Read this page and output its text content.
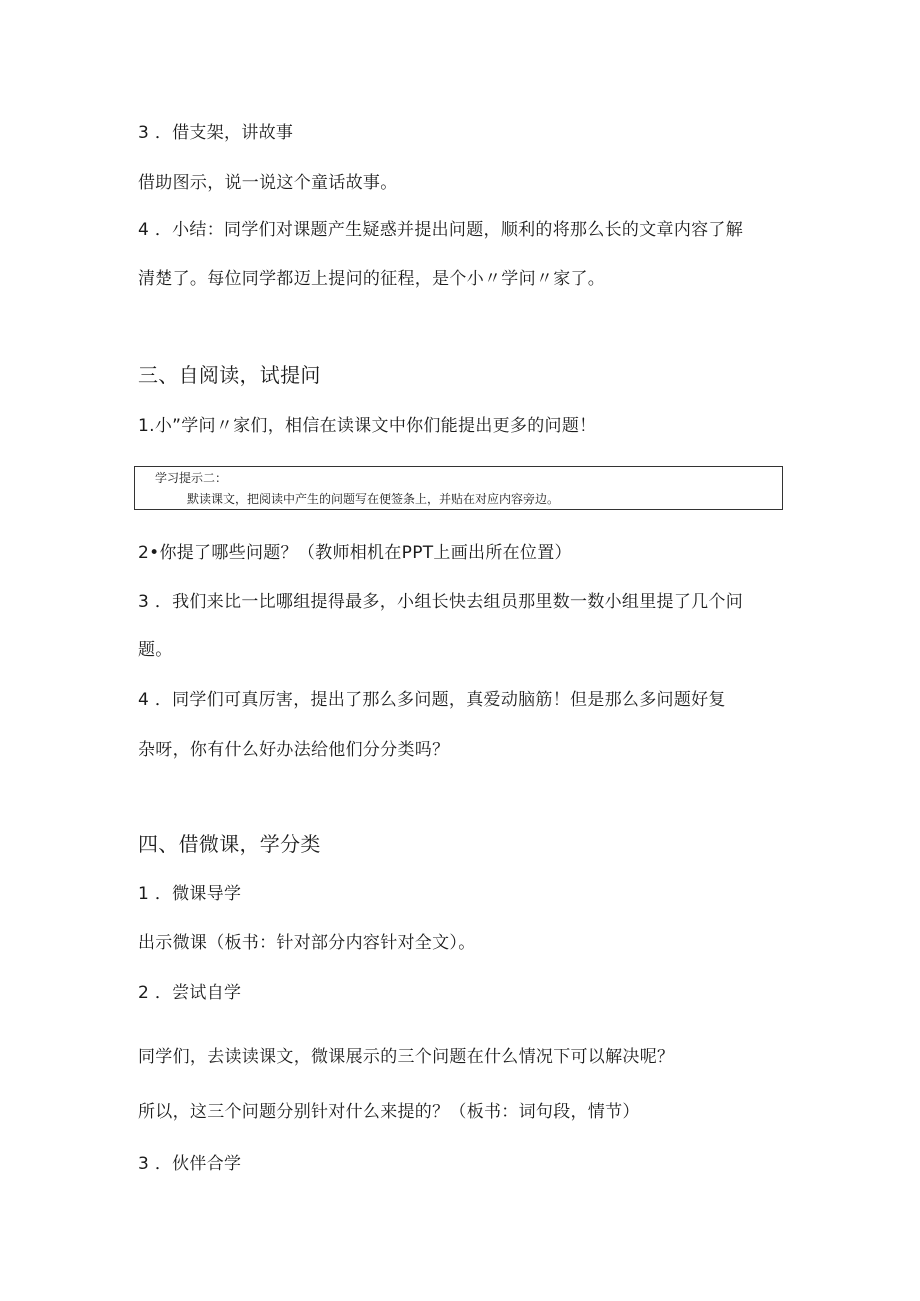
3 ．借支架，讲故事
借助图示，说一说这个童话故事。
4 ．小结：同学们对课题产生疑惑并提出问题，顺利的将那么长的文章内容了解
清楚了。每位同学都迈上提问的征程，是个小〃学问〃家了。
三、自阅读，试提问
1.小”学问〃家们，相信在读课文中你们能提出更多的问题！
学习提示二：
默读课文，把阅读中产生的问题写在便签条上，并贴在对应内容旁边。
2•你提了哪些问题？（教师相机在PPT上画出所在位置）
3 ．我们来比一比哪组提得最多，小组长快去组员那里数一数小组里提了几个问
题。
4 ．同学们可真厉害，提出了那么多问题，真爱动脑筋！但是那么多问题好复
杂呀，你有什么好办法给他们分分类吗？
四、借微课，学分类
1 ．微课导学
出示微课（板书：针对部分内容针对全文）。
2 ．尝试自学
同学们，去读读课文，微课展示的三个问题在什么情况下可以解决呢？
所以，这三个问题分别针对什么来提的？（板书：词句段，情节）
3 ．伙伴合学
